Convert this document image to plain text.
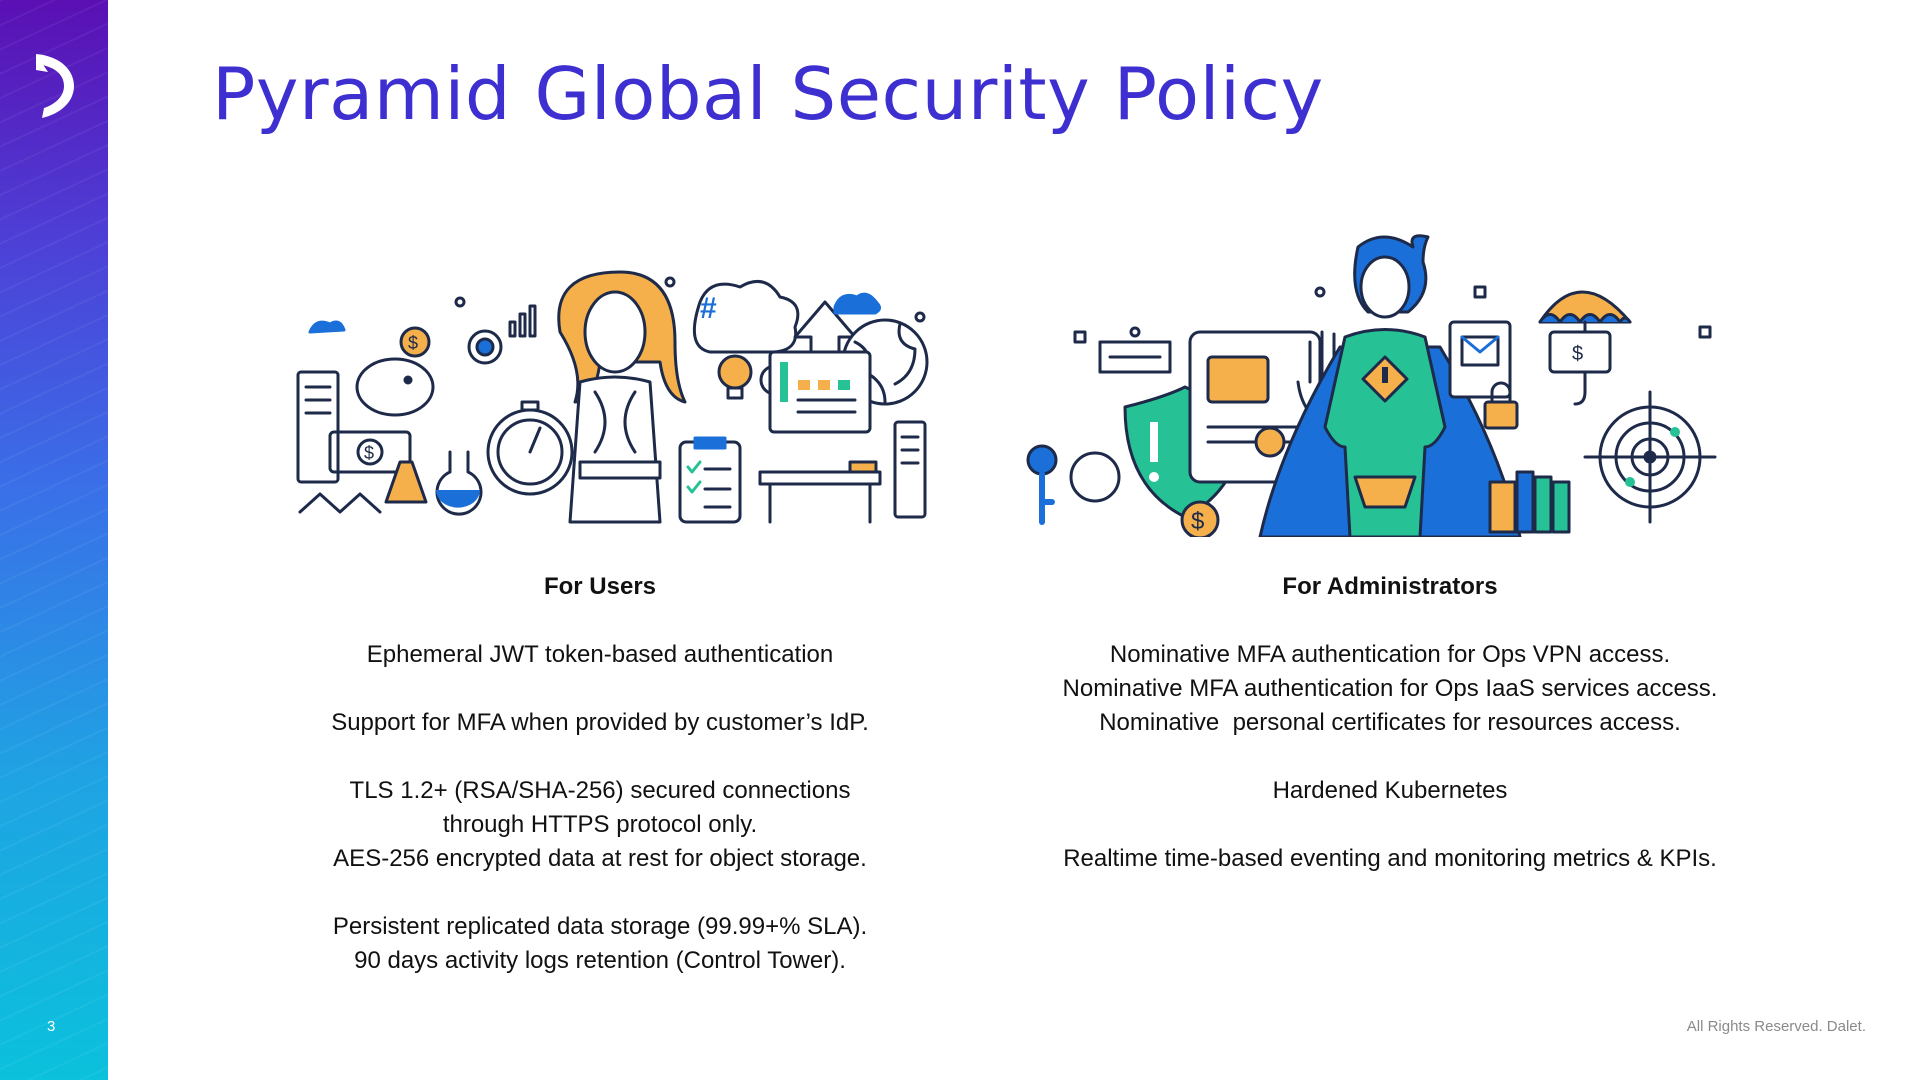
3
Pyramid Global Security Policy
$
$
#
$
$
For Users
Ephemeral JWT token-based authentication
Support for MFA when provided by customer’s IdP.
TLS 1.2+ (RSA/SHA-256) secured connections
through HTTPS protocol only.
AES-256 encrypted data at rest for object storage.
Persistent replicated data storage (99.99+% SLA).
90 days activity logs retention (Control Tower).
For Administrators
Nominative MFA authentication for Ops VPN access.
Nominative MFA authentication for Ops IaaS services access.
Nominative  personal certificates for resources access.
Hardened Kubernetes
Realtime time-based eventing and monitoring metrics & KPIs.
All Rights Reserved. Dalet.
